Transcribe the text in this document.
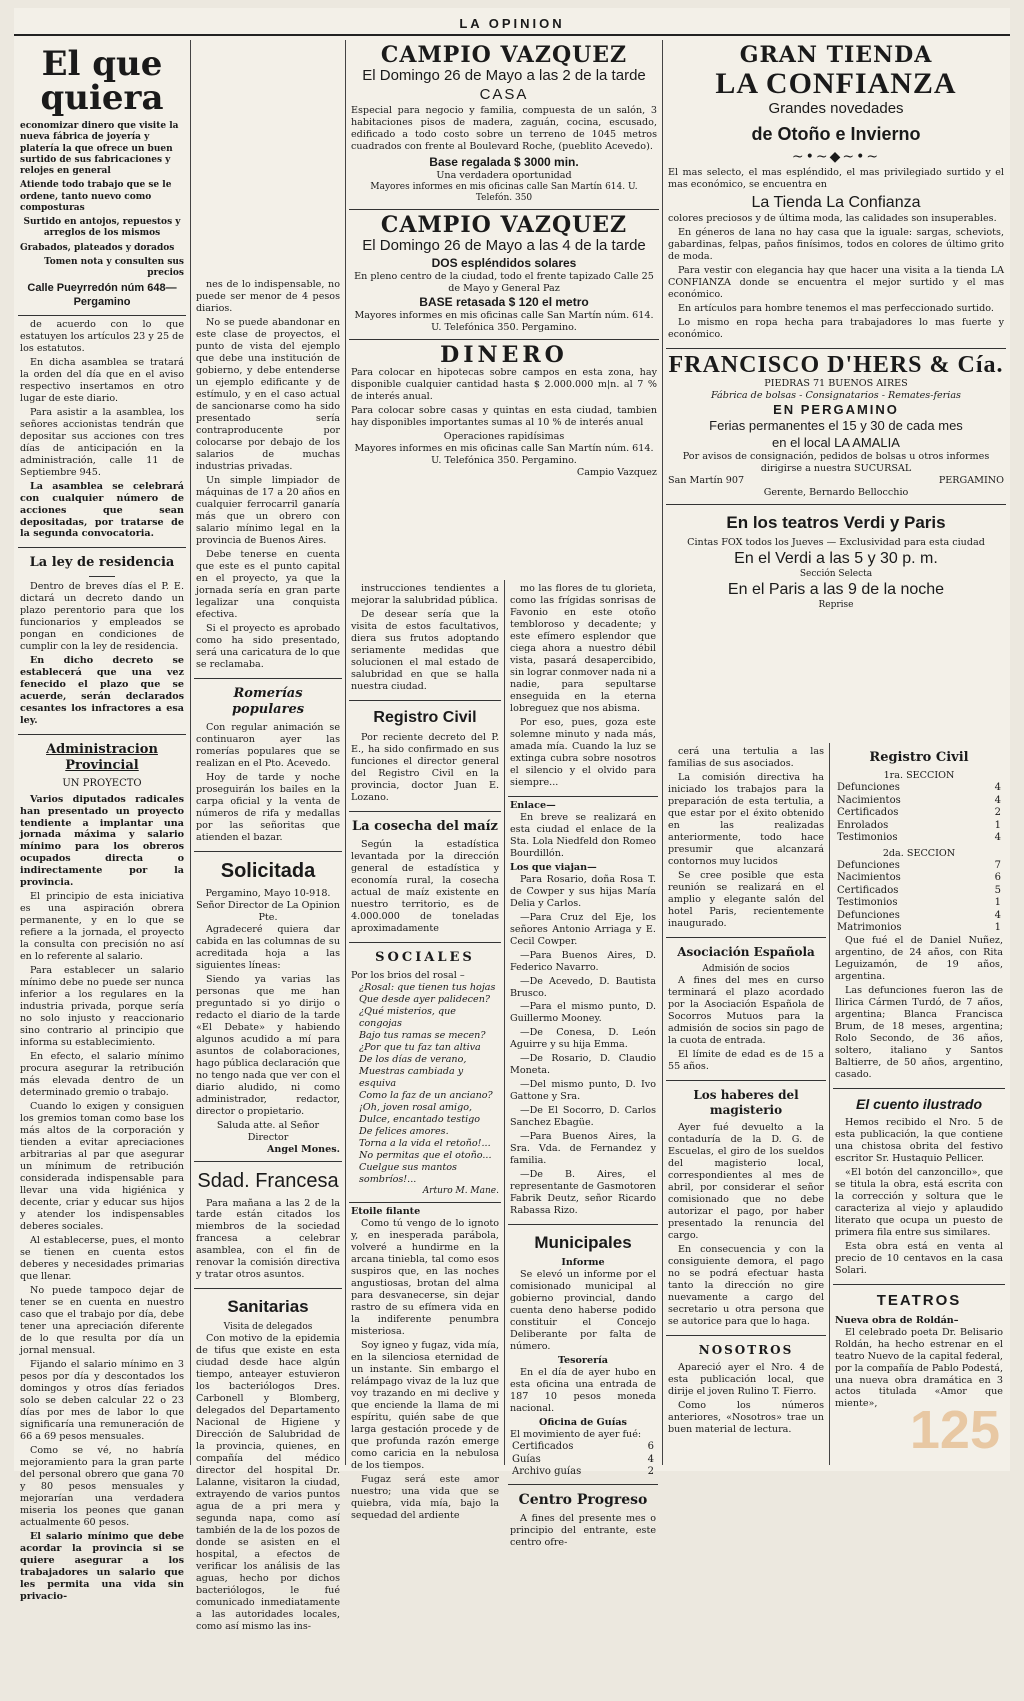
LA OPINION
El que quiera
economizar dinero que visite la nueva fábrica de joyería y platería la que ofrece un buen surtido de sus fabricaciones y relojes en general
Atiende todo trabajo que se le ordene, tanto nuevo como composturas
Surtido en antojos, repuestos y arreglos de los mismos
Grabados, plateados y dorados
Tomen nota y consulten sus precios
Calle Pueyrredón núm 648—Pergamino

de acuerdo con lo que estatuyen los artículos 23 y 25 de los estatutos.

En dicha asamblea se tratará la orden del día que en el aviso respectivo insertamos en otro lugar de este diario.

Para asistir a la asamblea, los señores accionistas tendrán que depositar sus acciones con tres días de anticipación en la administración, calle 11 de Septiembre 945.

La asamblea se celebrará con cualquier número de acciones que sean depositadas, por tratarse de la segunda convocatoria.

La ley de residencia

Dentro de breves días el P. E. dictará un decreto dando un plazo perentorio para que los funcionarios y empleados se pongan en condiciones de cumplir con la ley de residencia.

En dicho decreto se establecerá que una vez fenecido el plazo que se acuerde, serán declarados cesantes los infractores a esa ley.

Administracion Provincial
UN PROYECTO

Varios diputados radicales han presentado un proyecto tendiente a implantar una jornada máxima y salario mínimo para los obreros ocupados directa o indirectamente por la provincia.

El principio de esta iniciativa es una aspiración obrera permanente, y en lo que se refiere a la jornada, el proyecto la consulta con precisión no así en lo referente al salario.

Para establecer un salario mínimo debe no puede ser nunca inferior a los regulares en la industria privada, porque sería no solo injusto y reaccionario sino contrario al principio que informa su establecimiento.

En efecto, el salario mínimo procura asegurar la retribución más elevada dentro de un determinado gremio o trabajo.

Cuando lo exigen y consiguen los gremios toman como base los más altos de la corporación y tienden a evitar apreciaciones arbitrarias al par que asegurar un mínimum de retribución considerada indispensable para llevar una vida higiénica y decente, criar y educar sus hijos y atender los indispensables deberes sociales.

Al establecerse, pues, el monto se tienen en cuenta estos deberes y necesidades primarias que llenar.

No puede tampoco dejar de tener se en cuenta en nuestro caso que el trabajo por día, debe tener una apreciación diferente de lo que resulta por día un jornal mensual.

Fijando el salario mínimo en 3 pesos por día y descontados los domingos y otros días feriados solo se deben calcular 22 o 23 días por mes de labor lo que significaría una remuneración de 66 a 69 pesos mensuales.

Como se vé, no habría mejoramiento para la gran parte del personal obrero que gana 70 y 80 pesos mensuales y mejorarían una verdadera miseria los peones que ganan actualmente 60 pesos.

El salario mínimo que debe acordar la provincia si se quiere asegurar a los trabajadores un salario que les permita una vida sin privacio-

nes de lo indispensable, no puede ser menor de 4 pesos diarios.

No se puede abandonar en este clase de proyectos, el punto de vista del ejemplo que debe una institución de gobierno, y debe entenderse un ejemplo edificante y de estímulo, y en el caso actual de sancionarse como ha sido presentado sería contraproducente por colocarse por debajo de los salarios de muchas industrias privadas.

Un simple limpiador de máquinas de 17 a 20 años en cualquier ferrocarril ganaría más que un obrero con salario mínimo legal en la provincia de Buenos Aires.

Debe tenerse en cuenta que este es el punto capital en el proyecto, ya que la jornada sería en gran parte legalizar una conquista efectiva.

Si el proyecto es aprobado como ha sido presentado, será una caricatura de lo que se reclamaba.

Romerías populares

Con regular animación se continuaron ayer las romerías populares que se realizan en el Pto. Acevedo.

Hoy de tarde y noche proseguirán los bailes en la carpa oficial y la venta de números de rifa y medallas por las señoritas que atienden el bazar.

Solicitada
Pergamino, Mayo 10-918.
Señor Director de La Opinion Pte.

Agradeceré quiera dar cabida en las columnas de su acreditada hoja a las siguientes líneas:

Siendo ya varias las personas que me han preguntado si yo dirijo o redacto el diario de la tarde «El Debate» y habiendo algunos acudido a mí para asuntos de colaboraciones, hago pública declaración que no tengo nada que ver con el diario aludido, ni como administrador, redactor, director o propietario.

Saluda atte. al Señor Director
Angel Mones.
Sdad. Francesa

Para mañana a las 2 de la tarde están citados los miembros de la sociedad francesa a celebrar asamblea, con el fin de renovar la comisión directiva y tratar otros asuntos.

Sanitarias
Visita de delegados

Con motivo de la epidemia de tifus que existe en esta ciudad desde hace algún tiempo, anteayer estuvieron los bacteriólogos Dres. Carbonell y Blomberg, delegados del Departamento Nacional de Higiene y Dirección de Salubridad de la provincia, quienes, en compañía del médico director del hospital Dr. Lalanne, visitaron la ciudad, extrayendo de varios puntos agua de a pri mera y segunda napa, como así también de la de los pozos de donde se asisten en el hospital, a efectos de verificar los análisis de las aguas, hecho por dichos bacteriólogos, le fué comunicado inmediatamente a las autoridades locales, como así mismo las ins-

CAMPIO VAZQUEZ
El Domingo 26 de Mayo a las 2 de la tarde
CASA

Especial para negocio y familia, compuesta de un salón, 3 habitaciones pisos de madera, zaguán, cocina, escusado, edificado a todo costo sobre un terreno de 1045 metros cuadrados con frente al Boulevard Roche, (pueblito Acevedo).

Base regalada $ 3000 min.
Una verdadera oportunidad
Mayores informes en mis oficinas calle San Martín 614. U. Telefón. 350
CAMPIO VAZQUEZ
El Domingo 26 de Mayo a las 4 de la tarde
DOS espléndidos solares
En pleno centro de la ciudad, todo el frente tapizado Calle 25 de Mayo y General Paz
BASE retasada $ 120 el metro
Mayores informes en mis oficinas calle San Martín núm. 614. U. Telefónica 350. Pergamino.
DINERO

Para colocar en hipotecas sobre campos en esta zona, hay disponible cualquier cantidad hasta $ 2.000.000 m|n. al 7 % de interés anual.

Para colocar sobre casas y quintas en esta ciudad, tambien hay disponibles importantes sumas al 10 % de interés anual

Operaciones rapidísimas
Mayores informes en mis oficinas calle San Martín núm. 614. U. Telefónica 350. Pergamino.
Campio Vazquez

instrucciones tendientes a mejorar la salubridad pública.

De desear sería que la visita de estos facultativos, diera sus frutos adoptando seriamente medidas que solucionen el mal estado de salubridad en que se halla nuestra ciudad.

Registro Civil

Por reciente decreto del P. E., ha sido confirmado en sus funciones el director general del Registro Civil en la provincia, doctor Juan E. Lozano.

La cosecha del maíz

Según la estadística levantada por la dirección general de estadística y economía rural, la cosecha actual de maíz existente en nuestro territorio, es de 4.000.000 de toneladas aproximadamente

SOCIALES
Por los brios del rosal –
¿Rosal: que tienen tus hojas
Que desde ayer palidecen?
¿Qué misterios, que congojas
Bajo tus ramas se mecen?
¿Por que tu faz tan altiva
De los días de verano,
Muestras cambiada y esquiva
Como la faz de un anciano?
¡Oh, joven rosal amigo,
Dulce, encantado testigo
De felices amores.
Torna a la vida el retoño!...
No permitas que el otoño...
Cuelgue sus mantos sombríos!...
Arturo M. Mane.
Etoile filante

Como tú vengo de lo ignoto y, en inesperada parábola, volveré a hundirme en la arcana tiniebla, tal como esos suspiros que, en las noches angustiosas, brotan del alma para desvanecerse, sin dejar rastro de su efímera vida en la indiferente penumbra misteriosa.

Soy igneo y fugaz, vida mía, en la silenciosa eternidad de un instante. Sin embargo el relámpago vivaz de la luz que voy trazando en mi declive y que enciende la llama de mi espíritu, quién sabe de que larga gestación procede y de que profunda razón emerge como caricia en la nebulosa de los tiempos.

Fugaz será este amor nuestro; una vida que se quiebra, vida mía, bajo la sequedad del ardiente

mo las flores de tu glorieta, como las frígidas sonrisas de Favonio en este otoño tembloroso y decadente; y este efímero esplendor que ciega ahora a nuestro débil vista, pasará desapercibido, sin lograr conmover nada ni a nadie, para sepultarse enseguida en la eterna lobreguez que nos abisma.

Por eso, pues, goza este solemne minuto y nada más, amada mía. Cuando la luz se extinga cubra sobre nosotros el silencio y el olvido para siempre...

Enlace—

En breve se realizará en esta ciudad el enlace de la Sta. Lola Niedfeld don Romeo Bourdillón.

Los que viajan—

Para Rosario, doña Rosa T. de Cowper y sus hijas María Delia y Carlos.

—Para Cruz del Eje, los señores Antonio Arriaga y E. Cecil Cowper.

—Para Buenos Aires, D. Federico Navarro.

—De Acevedo, D. Bautista Brusco.

—Para el mismo punto, D. Guillermo Mooney.

—De Conesa, D. León Aguirre y su hija Emma.

—De Rosario, D. Claudio Moneta.

—Del mismo punto, D. Ivo Gattone y Sra.

—De El Socorro, D. Carlos Sanchez Ebagüe.

—Para Buenos Aires, la Sra. Vda. de Fernandez y familia.

—De B. Aires, el representante de Gasmotoren Fabrik Deutz, señor Ricardo Rabassa Rizo.

Municipales
Informe

Se elevó un informe por el comisionado municipal al gobierno provincial, dando cuenta deno haberse podido constituir el Concejo Deliberante por falta de número.

Tesorería

En el día de ayer hubo en esta oficina una entrada de 187 10 pesos moneda nacional.

Oficina de Guías
El movimiento de ayer fué:
Certificados	6
Guías	4
Archivo guías	2
Centro Progreso

A fines del presente mes o principio del entrante, este centro ofre-

GRAN TIENDA
LA CONFIANZA
Grandes novedades
de Otoño e Invierno
~•~◆~•~

El mas selecto, el mas espléndido, el mas privilegiado surtido y el mas económico, se encuentra en

La Tienda La Confianza

colores preciosos y de última moda, las calidades son insuperables.

En géneros de lana no hay casa que la iguale: sargas, scheviots, gabardinas, felpas, paños finísimos, todos en colores de último grito de moda.

Para vestir con elegancia hay que hacer una visita a la tienda LA CONFIANZA donde se encuentra el mejor surtido y el mas económico.

En artículos para hombre tenemos el mas perfeccionado surtido.

Lo mismo en ropa hecha para trabajadores lo mas fuerte y económico.

FRANCISCO D'HERS & Cía.
PIEDRAS 71 BUENOS AIRES
Fábrica de bolsas - Consignatarios - Remates-ferias
EN PERGAMINO
Ferias permanentes el 15 y 30 de cada mes
en el local LA AMALIA
Por avisos de consignación, pedidos de bolsas u otros informes dirigirse a nuestra SUCURSAL
San Martín 907	PERGAMINO
Gerente, Bernardo Bellocchio
En los teatros Verdi y Paris
Cintas FOX todos los Jueves — Exclusividad para esta ciudad
En el Verdi a las 5 y 30 p. m.
Sección Selecta
En el Paris a las 9 de la noche
Reprise

cerá una tertulia a las familias de sus asociados.

La comisión directiva ha iniciado los trabajos para la preparación de esta tertulia, a que estar por el éxito obtenido en las realizadas anteriormente, todo hace presumir que alcanzará contornos muy lucidos

Se cree posible que esta reunión se realizará en el amplio y elegante salón del hotel Paris, recientemente inaugurado.

Asociación Española
Admisión de socios

A fines del mes en curso terminará el plazo acordado por la Asociación Española de Socorros Mutuos para la admisión de socios sin pago de la cuota de entrada.

El límite de edad es de 15 a 55 años.

Los haberes del magisterio

Ayer fué devuelto a la contaduría de la D. G. de Escuelas, el giro de los sueldos del magisterio local, correspondientes al mes de abril, por considerar el señor comisionado que no debe autorizar el pago, por haber presentado la renuncia del cargo.

En consecuencia y con la consiguiente demora, el pago no se podrá efectuar hasta tanto la dirección no gire nuevamente a cargo del secretario u otra persona que se autorice para que lo haga.

NOSOTROS

Apareció ayer el Nro. 4 de esta publicación local, que dirije el joven Rulino T. Fierro.

Como los números anteriores, «Nosotros» trae un buen material de lectura.

Registro Civil
1ra. SECCION
Defunciones	4
Nacimientos	4
Certificados	2
Enrolados	1
Testimonios	4
2da. SECCION
Defunciones	7
Nacimientos	6
Certificados	5
Testimonios	1
Defunciones	4
Matrimonios	1

Que fué el de Daniel Nuñez, argentino, de 24 años, con Rita Leguizamón, de 19 años, argentina.

Las defunciones fueron las de Ilirica Cármen Turdó, de 7 años, argentina; Blanca Francisca Brum, de 18 meses, argentina; Rolo Secondo, de 36 años, soltero, italiano y Santos Baltierre, de 50 años, argentino, casado.

El cuento ilustrado

Hemos recibido el Nro. 5 de esta publicación, la que contiene una chistosa obrita del festivo escritor Sr. Hustaquio Pellicer.

«El botón del canzoncillo», que se titula la obra, está escrita con la corrección y soltura que le caracteriza al viejo y aplaudido literato que ocupa un puesto de primera fila entre sus similares.

Esta obra está en venta al precio de 10 centavos en la casa Solari.

TEATROS
Nueva obra de Roldán–

El celebrado poeta Dr. Belisario Roldán, ha hecho estrenar en el teatro Nuevo de la capital federal, por la compañía de Pablo Podestá, una nueva obra dramática en 3 actos titulada «Amor que miente», 125
